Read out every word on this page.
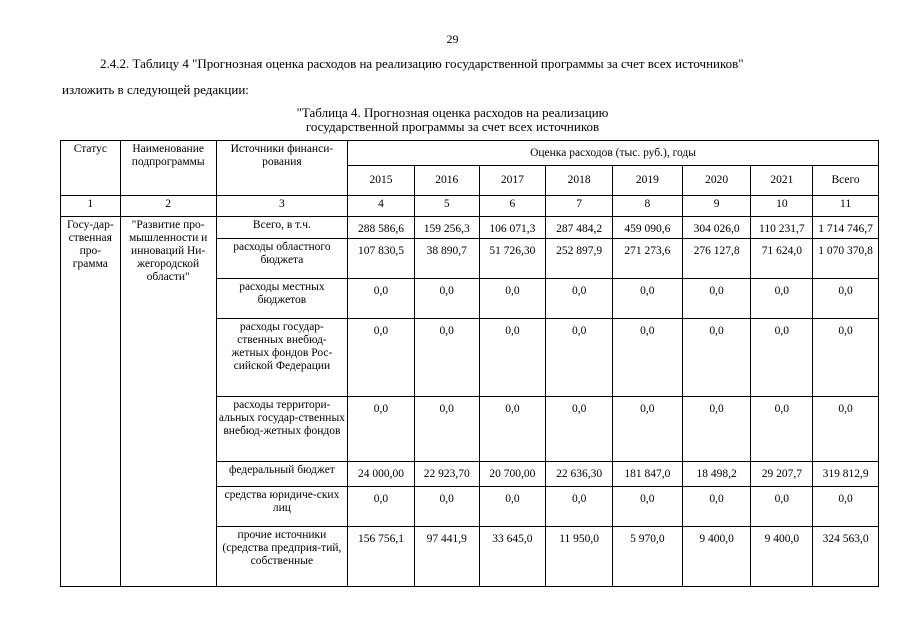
29
2.4.2. Таблицу 4 "Прогнозная оценка расходов на реализацию государственной программы за счет всех источников"
изложить в следующей редакции:
"Таблица 4. Прогнозная оценка расходов на реализацию
государственной программы за счет всех источников
Статус	Наименование подпрограммы	Источники финанси-рования	Оценка расходов (тыс. руб.), годы							
			2015	2016	2017	2018	2019	2020	2021	Всего
1	2	3	4	5	6	7	8	9	10	11
Госу-дар-ственная про-грамма	"Развитие про-мышленности и инноваций Ни-жегородской области"	Всего, в т.ч.	288 586,6	159 256,3	106 071,3	287 484,2	459 090,6	304 026,0	110 231,7	1 714 746,7
		расходы областного бюджета	107 830,5	38 890,7	51 726,30	252 897,9	271 273,6	276 127,8	71 624,0	1 070 370,8
		расходы местных бюджетов	0,0	0,0	0,0	0,0	0,0	0,0	0,0	0,0
		расходы государ-ственных внебюд-жетных фондов Рос-сийской Федерации	0,0	0,0	0,0	0,0	0,0	0,0	0,0	0,0
		расходы территори-альных государ-ственных внебюд-жетных фондов	0,0	0,0	0,0	0,0	0,0	0,0	0,0	0,0
		федеральный бюджет	24 000,00	22 923,70	20 700,00	22 636,30	181 847,0	18 498,2	29 207,7	319 812,9
		средства юридиче-ских лиц	0,0	0,0	0,0	0,0	0,0	0,0	0,0	0,0
		прочие источники (средства предприя-тий, собственные	156 756,1	97 441,9	33 645,0	11 950,0	5 970,0	9 400,0	9 400,0	324 563,0
